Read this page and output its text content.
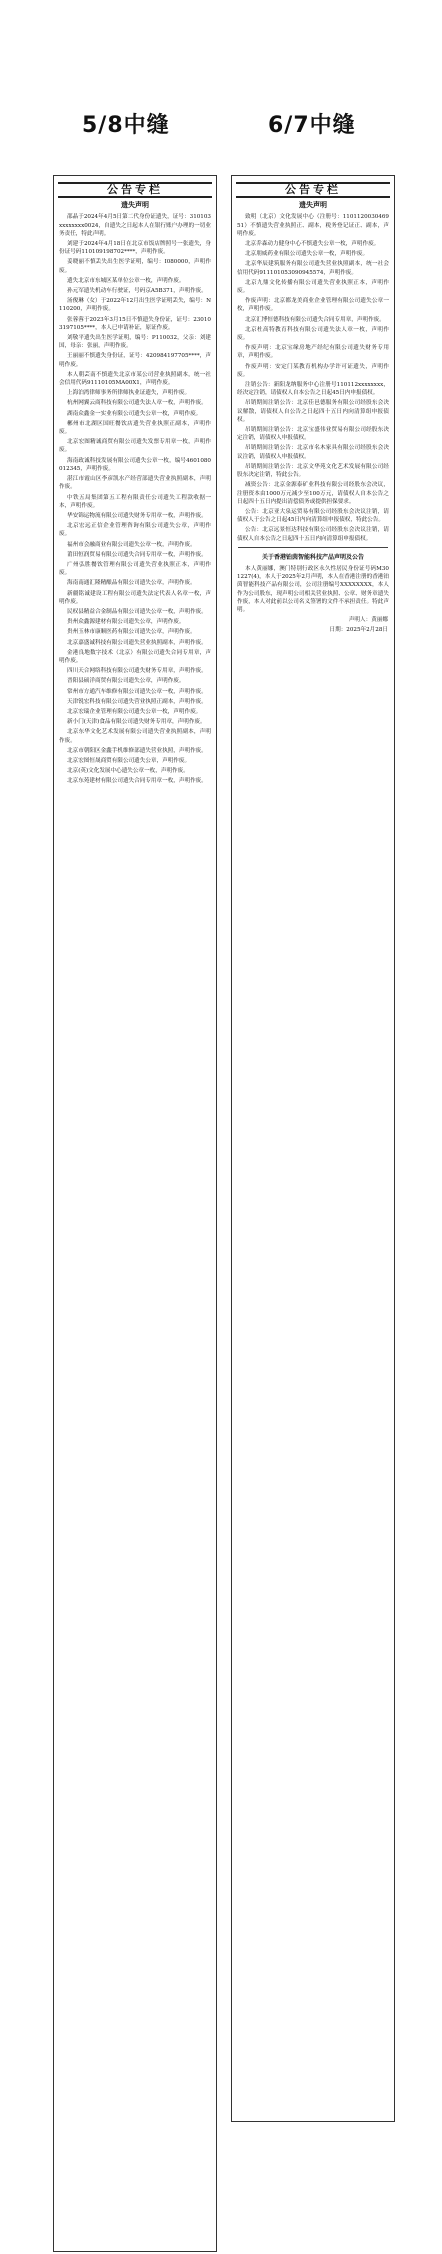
5/8中缝	6/7中缝
公告专栏
遗失声明
邵晶于2024年4月5日第二代身份证遗失，证号：310103xxxxxxxx0024，自遗失之日起本人在银行账户办理的一切业务责任，特此声明。
刘建于2024年4月18日在北京市饭店牌照号一张遗失，身份证号码110109198702****，声明作废。
姜晓丽不慎丢失出生医学证明，编号：I080000，声明作废。
遗失北京市东城区某单位公章一枚，声明作废。
孙元军遗失机动车行驶证，号码京A5B371，声明作废。
汤俊琳（女）于2022年12月出生医学证明丢失，编号：N110200，声明作废。
张蓉蓉于2023年3月15日不慎遗失身份证，证号：230103197105****，本人已申请补证，原证作废。
刘敬平遗失出生医学证明，编号：P110032，父亲：刘建国，母亲：张丽，声明作废。
王丽丽不慎遗失身份证，证号：420984197705****，声明作废。
本人朝芸南不慎遗失北京市某公司营业执照副本，统一社会信用代码91110105MA00X1，声明作废。
上海泊湾律师事务所律师执业证遗失，声明作废。
杭州网翼云商科技有限公司遗失法人章一枚，声明作废。
湖南众鑫金一实业有限公司遗失公章一枚，声明作废。
郴州市北湖区国旺餐饮店遗失营业执照正副本，声明作废。
北京宏图精诚商贸有限公司遗失发票专用章一枚，声明作废。
海南政诚科技发展有限公司遗失公章一枚，编号4601080012345，声明作废。
湛江市霞山区李彦凯水产经营部遗失营业执照副本，声明作废。
中铁五局集团第五工程有限责任公司遗失工程款收据一本，声明作废。
华安锦运物流有限公司遗失财务专用章一枚，声明作废。
北京宏远正信企业管理咨询有限公司遗失公章，声明作废。
福州市会融商业有限公司遗失公章一枚，声明作废。
莆田恒润贸易有限公司遗失合同专用章一枚，声明作废。
广州弘胜餐饮管理有限公司遗失营业执照正本，声明作废。
海南南通汇隆精酿品有限公司遗失公章，声明作废。
新疆铭诚建设工程有限公司遗失法定代表人名章一枚，声明作废。
民权县精益合金制品有限公司遗失公章一枚，声明作废。
贵州众鑫源建材有限公司遗失公章，声明作废。
贵州玉林市康顺医药有限公司遗失公章，声明作废。
北京嘉盛诚科技有限公司遗失营业执照副本，声明作废。
金港良地数字技术（北京）有限公司遗失合同专用章，声明作废。
四川天合网络科技有限公司遗失财务专用章，声明作废。
晋阳县硕洋商贸有限公司遗失公章，声明作废。
常州市方通汽车维修有限公司遗失公章一枚，声明作废。
天津锐宏科技有限公司遗失营业执照正副本，声明作废。
北京宏瑞企业管理有限公司遗失公章一枚，声明作废。
新小门(天津)食品有限公司遗失财务专用章，声明作废。
北京东华文化艺术发展有限公司遗失营业执照副本，声明作废。
北京市朝阳区金鑫手机维修部遗失营业执照，声明作废。
北京宏图恒晟商贸有限公司遗失公章，声明作废。
北京(英)文化发展中心遗失公章一枚，声明作废。
北京东苑建材有限公司遗失合同专用章一枚，声明作废。
公告专栏
遗失声明
致明（北京）文化发展中心（注册号：110112003046951）不慎遗失营业执照正、副本，税务登记证正、副本，声明作废。
北京乔森动力健身中心不慎遗失公章一枚，声明作废。
北京朋威药业有限公司遗失公章一枚，声明作废。
北京华辰建筑服务有限公司遗失营业执照副本，统一社会信用代码911101053090945574，声明作废。
北京九鼎文化传播有限公司遗失营业执照正本，声明作废。
作废声明：北京都龙美商业企业管理有限公司遗失公章一枚，声明作废。
北京汇博恒德科技有限公司遗失合同专用章，声明作废。
北京杜高特教育科技有限公司遗失法人章一枚，声明作废。
作废声明：北京宝缘房地产经纪有限公司遗失财务专用章，声明作废。
作废声明：安定门某教育机构办学许可证遗失，声明作废。
注销公告：新阳龙纳服务中心注册号110112xxxxxxxx，经决定注销，请债权人自本公告之日起45日内申报债权。
吊销期间注销公告：北京佳邑德服务有限公司经股东会决议解散，请债权人自公告之日起四十五日内向清算组申报债权。
吊销期间注销公告：北京宝盛伟业贸易有限公司经股东决定注销，请债权人申报债权。
吊销期间注销公告：北京市名木家具有限公司经股东会决议注销，请债权人申报债权。
吊销期间注销公告：北京文华苑文化艺术发展有限公司经股东决定注销，特此公告。
减资公告：北京金源泰矿业科技有限公司经股东会决议，注册资本由1000万元减少至100万元，请债权人自本公告之日起四十五日内提出清偿债务或提供担保要求。
公告：北京亚大泉运贸易有限公司经股东会决议注销，请债权人于公告之日起45日内向清算组申报债权，特此公告。
公告：北京远景恒达科技有限公司经股东会决议注销，请债权人自本公告之日起四十五日内向清算组申报债权。
关于香港铂茵智能科技产品声明及公告
本人黄丽娜，澳门特别行政区永久性居民身份证号码M301227(4)，本人于2025年2月声明，本人在香港注册的香港铂茵智能科技产品有限公司，公司注册编号XXXXXXXX，本人作为公司股东，现声明公司相关营业执照、公章、财务章遗失作废，本人对此前以公司名义签署的文件不承担责任。特此声明。
声明人：黄丽娜
日期：2025年2月28日
